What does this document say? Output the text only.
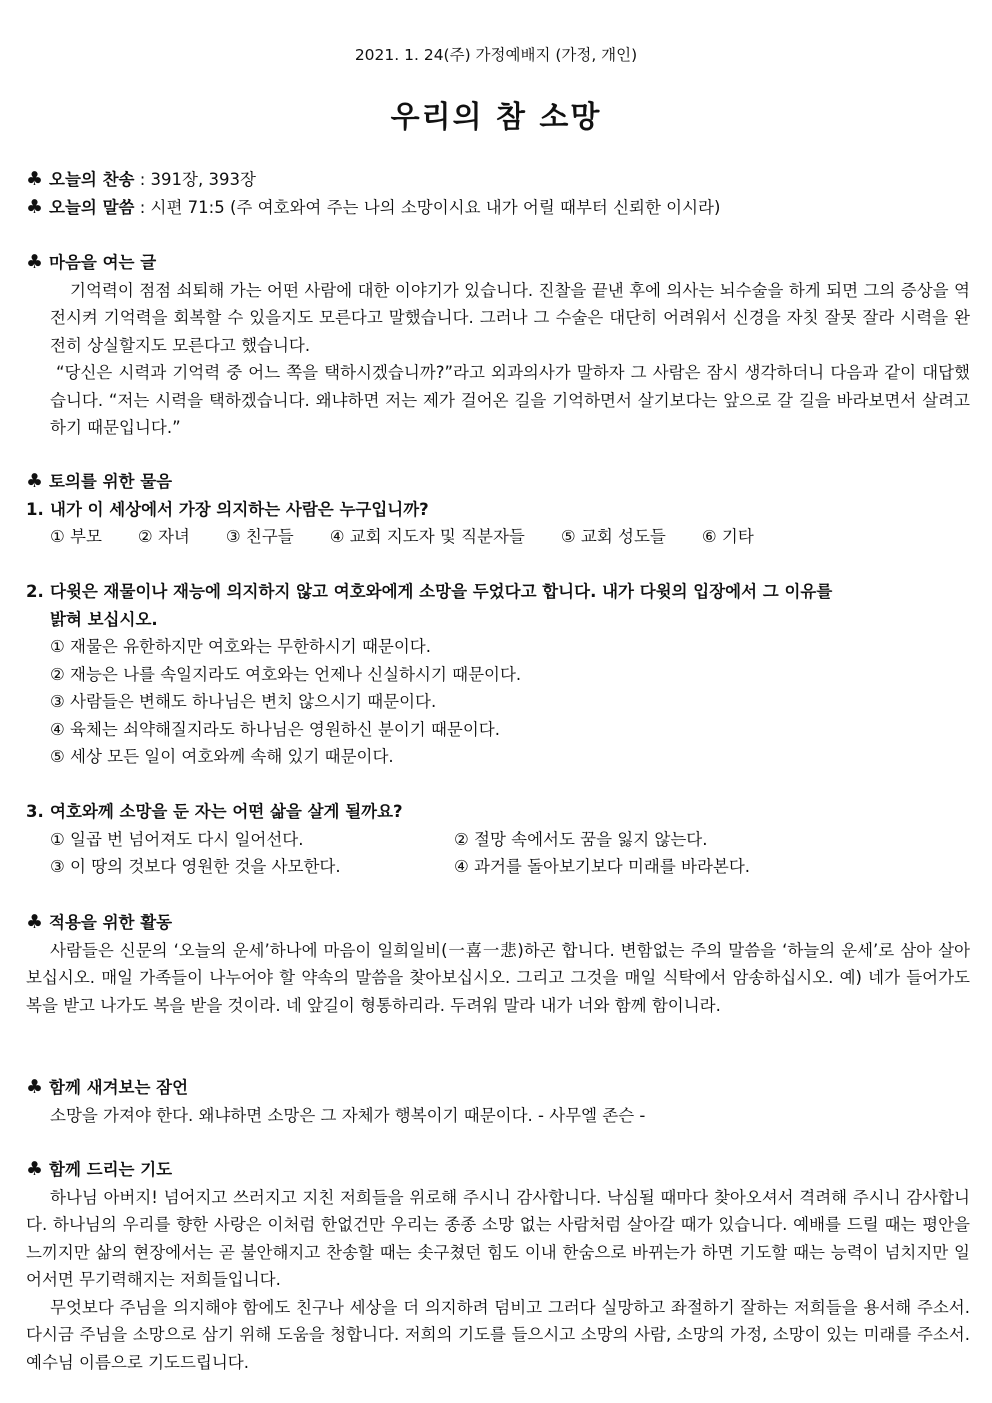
2021. 1. 24(주) 가정예배지 (가정, 개인)
우리의 참 소망
♣ 오늘의 찬송 : 391장, 393장
♣ 오늘의 말씀 : 시편 71:5 (주 여호와여 주는 나의 소망이시요 내가 어릴 때부터 신뢰한 이시라)
♣ 마음을 여는 글
기억력이 점점 쇠퇴해 가는 어떤 사람에 대한 이야기가 있습니다. 진찰을 끝낸 후에 의사는 뇌수술을 하게 되면 그의 증상을 역전시켜 기억력을 회복할 수 있을지도 모른다고 말했습니다. 그러나 그 수술은 대단히 어려워서 신경을 자칫 잘못 잘라 시력을 완전히 상실할지도 모른다고 했습니다.
“당신은 시력과 기억력 중 어느 쪽을 택하시겠습니까?”라고 외과의사가 말하자 그 사람은 잠시 생각하더니 다음과 같이 대답했습니다. “저는 시력을 택하겠습니다. 왜냐하면 저는 제가 걸어온 길을 기억하면서 살기보다는 앞으로 갈 길을 바라보면서 살려고 하기 때문입니다.”
♣ 토의를 위한 물음
1. 내가 이 세상에서 가장 의지하는 사람은 누구입니까?
① 부모 ② 자녀 ③ 친구들 ④ 교회 지도자 및 직분자들 ⑤ 교회 성도들 ⑥ 기타
2. 다윗은 재물이나 재능에 의지하지 않고 여호와에게 소망을 두었다고 합니다. 내가 다윗의 입장에서 그 이유를
밝혀 보십시오.
① 재물은 유한하지만 여호와는 무한하시기 때문이다.
② 재능은 나를 속일지라도 여호와는 언제나 신실하시기 때문이다.
③ 사람들은 변해도 하나님은 변치 않으시기 때문이다.
④ 육체는 쇠약해질지라도 하나님은 영원하신 분이기 때문이다.
⑤ 세상 모든 일이 여호와께 속해 있기 때문이다.
3. 여호와께 소망을 둔 자는 어떤 삶을 살게 될까요?
① 일곱 번 넘어져도 다시 일어선다.	② 절망 속에서도 꿈을 잃지 않는다.
③ 이 땅의 것보다 영원한 것을 사모한다.	④ 과거를 돌아보기보다 미래를 바라본다.
♣ 적용을 위한 활동
사람들은 신문의 ‘오늘의 운세’하나에 마음이 일희일비(一喜一悲)하곤 합니다. 변함없는 주의 말씀을 ‘하늘의 운세’로 삼아 살아 보십시오. 매일 가족들이 나누어야 할 약속의 말씀을 찾아보십시오. 그리고 그것을 매일 식탁에서 암송하십시오. 예) 네가 들어가도 복을 받고 나가도 복을 받을 것이라. 네 앞길이 형통하리라. 두려워 말라 내가 너와 함께 함이니라.
♣ 함께 새겨보는 잠언
소망을 가져야 한다. 왜냐하면 소망은 그 자체가 행복이기 때문이다. - 사무엘 존슨 -
♣ 함께 드리는 기도
하나님 아버지! 넘어지고 쓰러지고 지친 저희들을 위로해 주시니 감사합니다. 낙심될 때마다 찾아오셔서 격려해 주시니 감사합니다. 하나님의 우리를 향한 사랑은 이처럼 한없건만 우리는 종종 소망 없는 사람처럼 살아갈 때가 있습니다. 예배를 드릴 때는 평안을 느끼지만 삶의 현장에서는 곧 불안해지고 찬송할 때는 솟구쳤던 힘도 이내 한숨으로 바뀌는가 하면 기도할 때는 능력이 넘치지만 일어서면 무기력해지는 저희들입니다.
무엇보다 주님을 의지해야 함에도 친구나 세상을 더 의지하려 덤비고 그러다 실망하고 좌절하기 잘하는 저희들을 용서해 주소서. 다시금 주님을 소망으로 삼기 위해 도움을 청합니다. 저희의 기도를 들으시고 소망의 사람, 소망의 가정, 소망이 있는 미래를 주소서. 예수님 이름으로 기도드립니다.
